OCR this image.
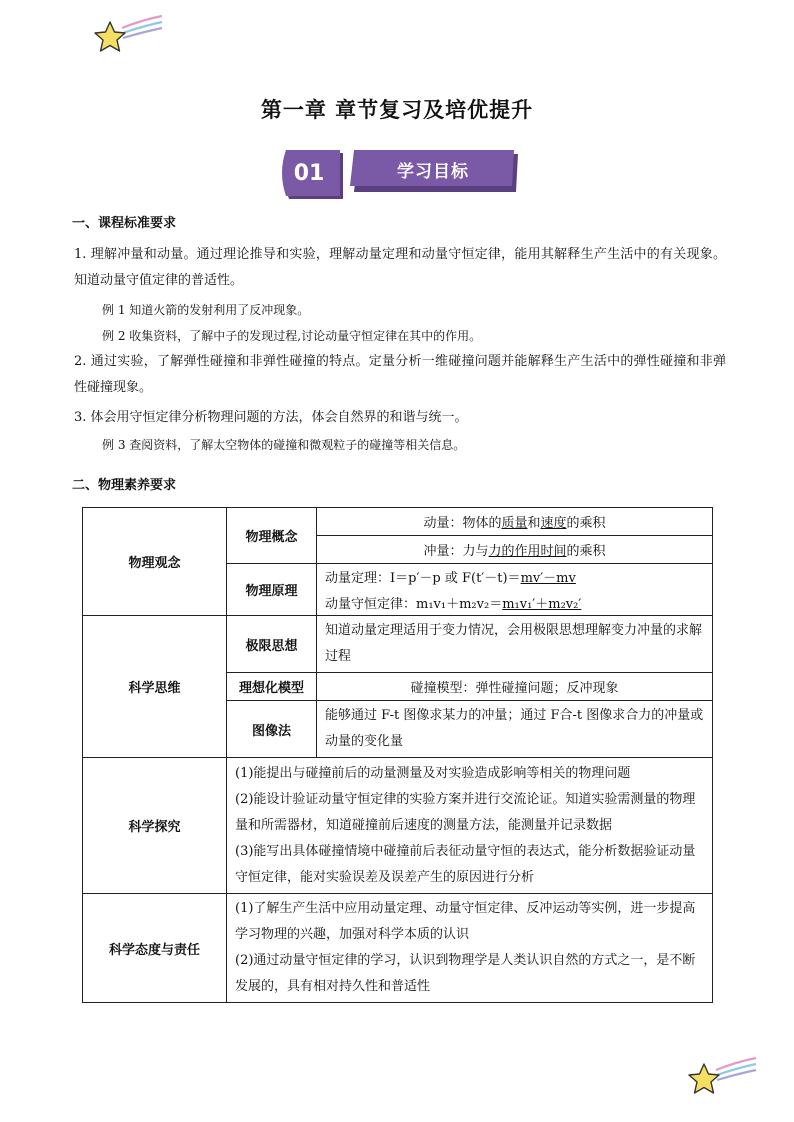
第一章 章节复习及培优提升
01	学习目标
一、课程标准要求
1. 理解冲量和动量。通过理论推导和实验，理解动量定理和动量守恒定律，能用其解释生产生活中的有关现象。知道动量守值定律的普适性。
例 1 知道火箭的发射利用了反冲现象。
例 2 收集资料，了解中子的发现过程,讨论动量守恒定律在其中的作用。
2. 通过实验，了解弹性碰撞和非弹性碰撞的特点。定量分析一维碰撞问题并能解释生产生活中的弹性碰撞和非弹性碰撞现象。
3. 体会用守恒定律分析物理问题的方法，体会自然界的和谐与统一。
例 3 查阅资料，了解太空物体的碰撞和微观粒子的碰撞等相关信息。
二、物理素养要求
物理观念	物理概念	动量：物体的质量和速度的乘积
		冲量：力与力的作用时间的乘积
	物理原理	动量定理：I＝p′－p 或 F(t′－t)＝mv′－mv
		动量守恒定律：m₁v₁＋m₂v₂＝m₁v₁′＋m₂v₂′
科学思维	极限思想	知道动量定理适用于变力情况，会用极限思想理解变力冲量的求解过程
	理想化模型	碰撞模型：弹性碰撞问题；反冲现象
	图像法	能够通过 F-t 图像求某力的冲量；通过 F合-t 图像求合力的冲量或动量的变化量
科学探究	(1)能提出与碰撞前后的动量测量及对实验造成影响等相关的物理问题
(2)能设计验证动量守恒定律的实验方案并进行交流论证。知道实验需测量的物理量和所需器材，知道碰撞前后速度的测量方法，能测量并记录数据
(3)能写出具体碰撞情境中碰撞前后表征动量守恒的表达式，能分析数据验证动量守恒定律，能对实验误差及误差产生的原因进行分析	

科学态度与责任	(1)了解生产生活中应用动量定理、动量守恒定律、反冲运动等实例，进一步提高学习物理的兴趣，加强对科学本质的认识
(2)通过动量守恒定律的学习，认识到物理学是人类认识自然的方式之一，是不断发展的，具有相对持久性和普适性	
